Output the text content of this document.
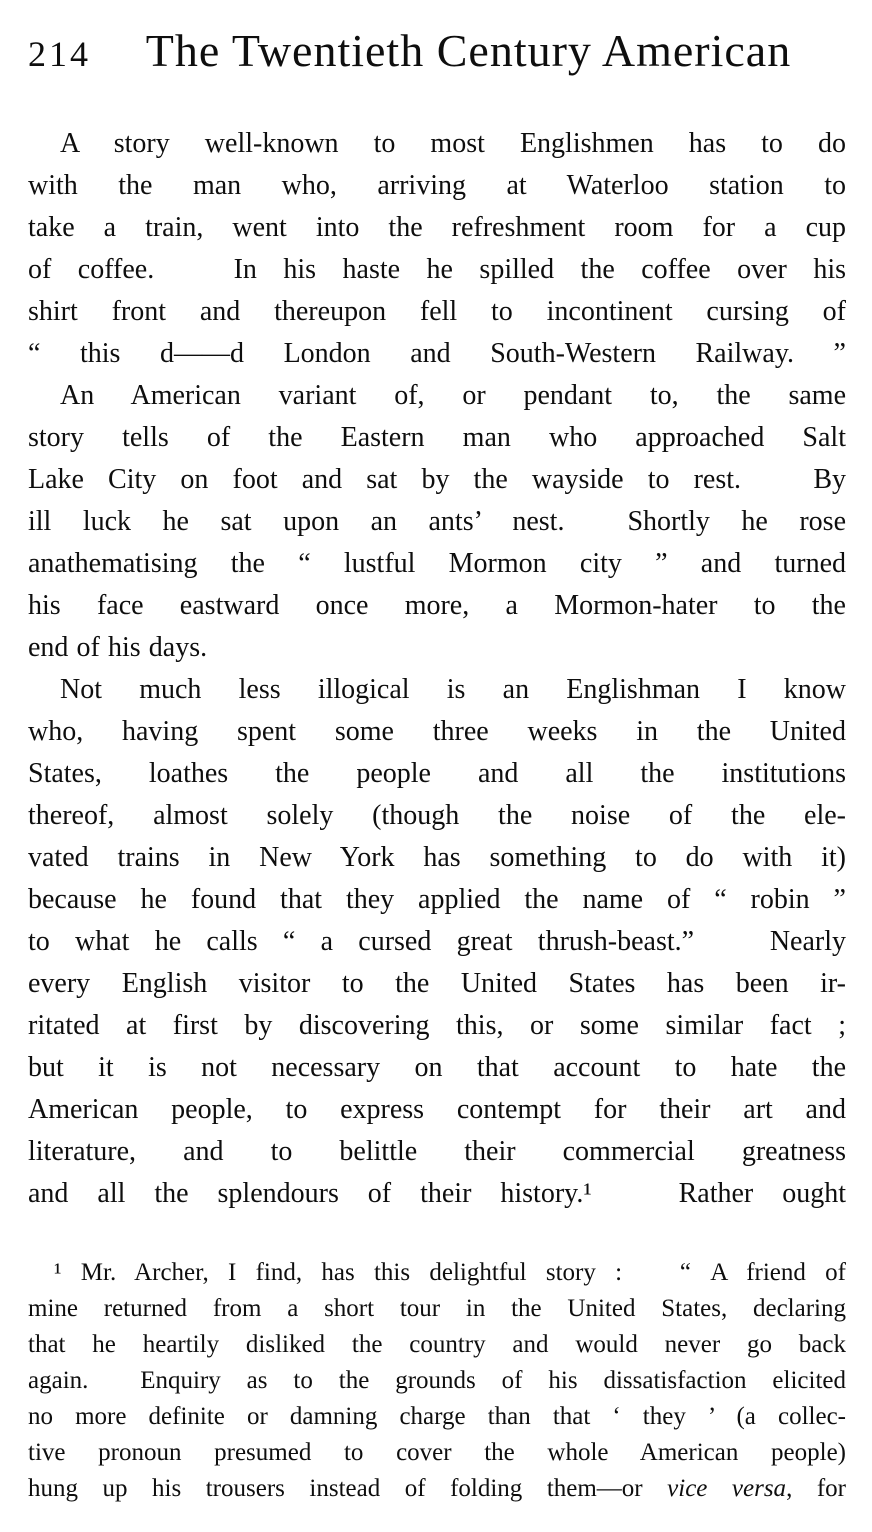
214	The Twentieth Century American
A story well-known to most Englishmen has to do
with the man who, arriving at Waterloo station to
take a train, went into the refreshment room for a cup
of coffee.   In his haste he spilled the coffee over his
shirt front and thereupon fell to incontinent cursing of
“ this d——d London and South-Western Railway. ”
An American variant of, or pendant to, the same
story tells of the Eastern man who approached Salt
Lake City on foot and sat by the wayside to rest.   By
ill luck he sat upon an ants’ nest.  Shortly he rose
anathematising the “ lustful Mormon city ” and turned
his face eastward once more, a Mormon-hater to the
end of his days.
Not much less illogical is an Englishman I know
who, having spent some three weeks in the United
States, loathes the people and all the institutions
thereof, almost solely (though the noise of the ele-
vated trains in New York has something to do with it)
because he found that they applied the name of “ robin ”
to what he calls “ a cursed great thrush-beast.”   Nearly
every English visitor to the United States has been ir-
ritated at first by discovering this, or some similar fact ;
but it is not necessary on that account to hate the
American people, to express contempt for their art and
literature, and to belittle their commercial greatness
and all the splendours of their history.¹   Rather ought
¹ Mr. Archer, I find, has this delightful story :   “ A friend of
mine returned from a short tour in the United States, declaring
that he heartily disliked the country and would never go back
again.  Enquiry as to the grounds of his dissatisfaction elicited
no more definite or damning charge than that ‘ they ’ (a collec-
tive pronoun presumed to cover the whole American people)
hung up his trousers instead of folding them—or vice versa, for
